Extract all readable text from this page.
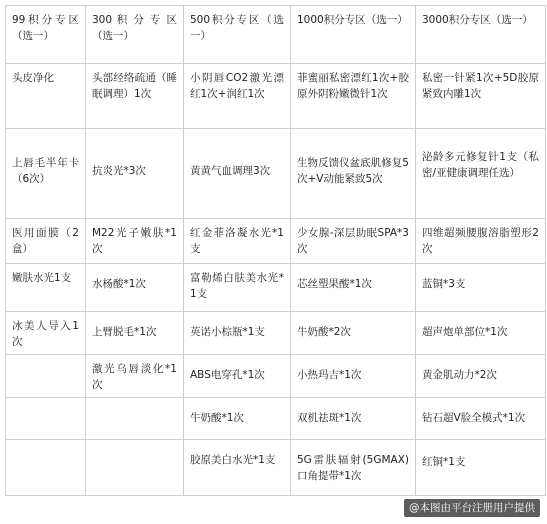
99积分专区（选一）	300 积 分 专 区（选一）	500积分专区（选一）	1000积分专区（选一）	3000积分专区（选一）
头皮净化	头部经络疏通（睡眠调理）1次	小阴唇CO2激光漂红1次+润红1次	菲蜜丽私密漂红1次+胶原外阴粉嫩微针1次	私密一针紧1次+5D胶原紧致内雕1次
上唇毛半年卡（6次）	抗炎光*3次	黄黄气血调理3次	生物反馈仪盆底肌修复5次+V动能紧致5次	泌龄多元修复针1支（私密/亚健康调理任选）
医用面膜（2盒）	M22光子嫩肤*1次	红金菲洛凝水光*1支	少女腺-深层助眠SPA*3次	四维超频腰腹溶脂塑形2次
嫩肤水光1支	水杨酸*1次	富勒烯白肤美水光*1支	芯丝塑果酸*1次	蓝铜*3支
冰美人导入1次	上臂脱毛*1次	英诺小棕瓶*1支	牛奶酸*2次	超声炮单部位*1次
	激光乌唇淡化*1次	ABS电穿孔*1次	小热玛吉*1次	黄金肌动力*2次
		牛奶酸*1次	双机祛斑*1次	钻石超V脸全模式*1次
		胶原美白水光*1支	5G雷肤辐射(5GMAX)口角提带*1次	红铜*1支
@本图由平台注册用户提供
